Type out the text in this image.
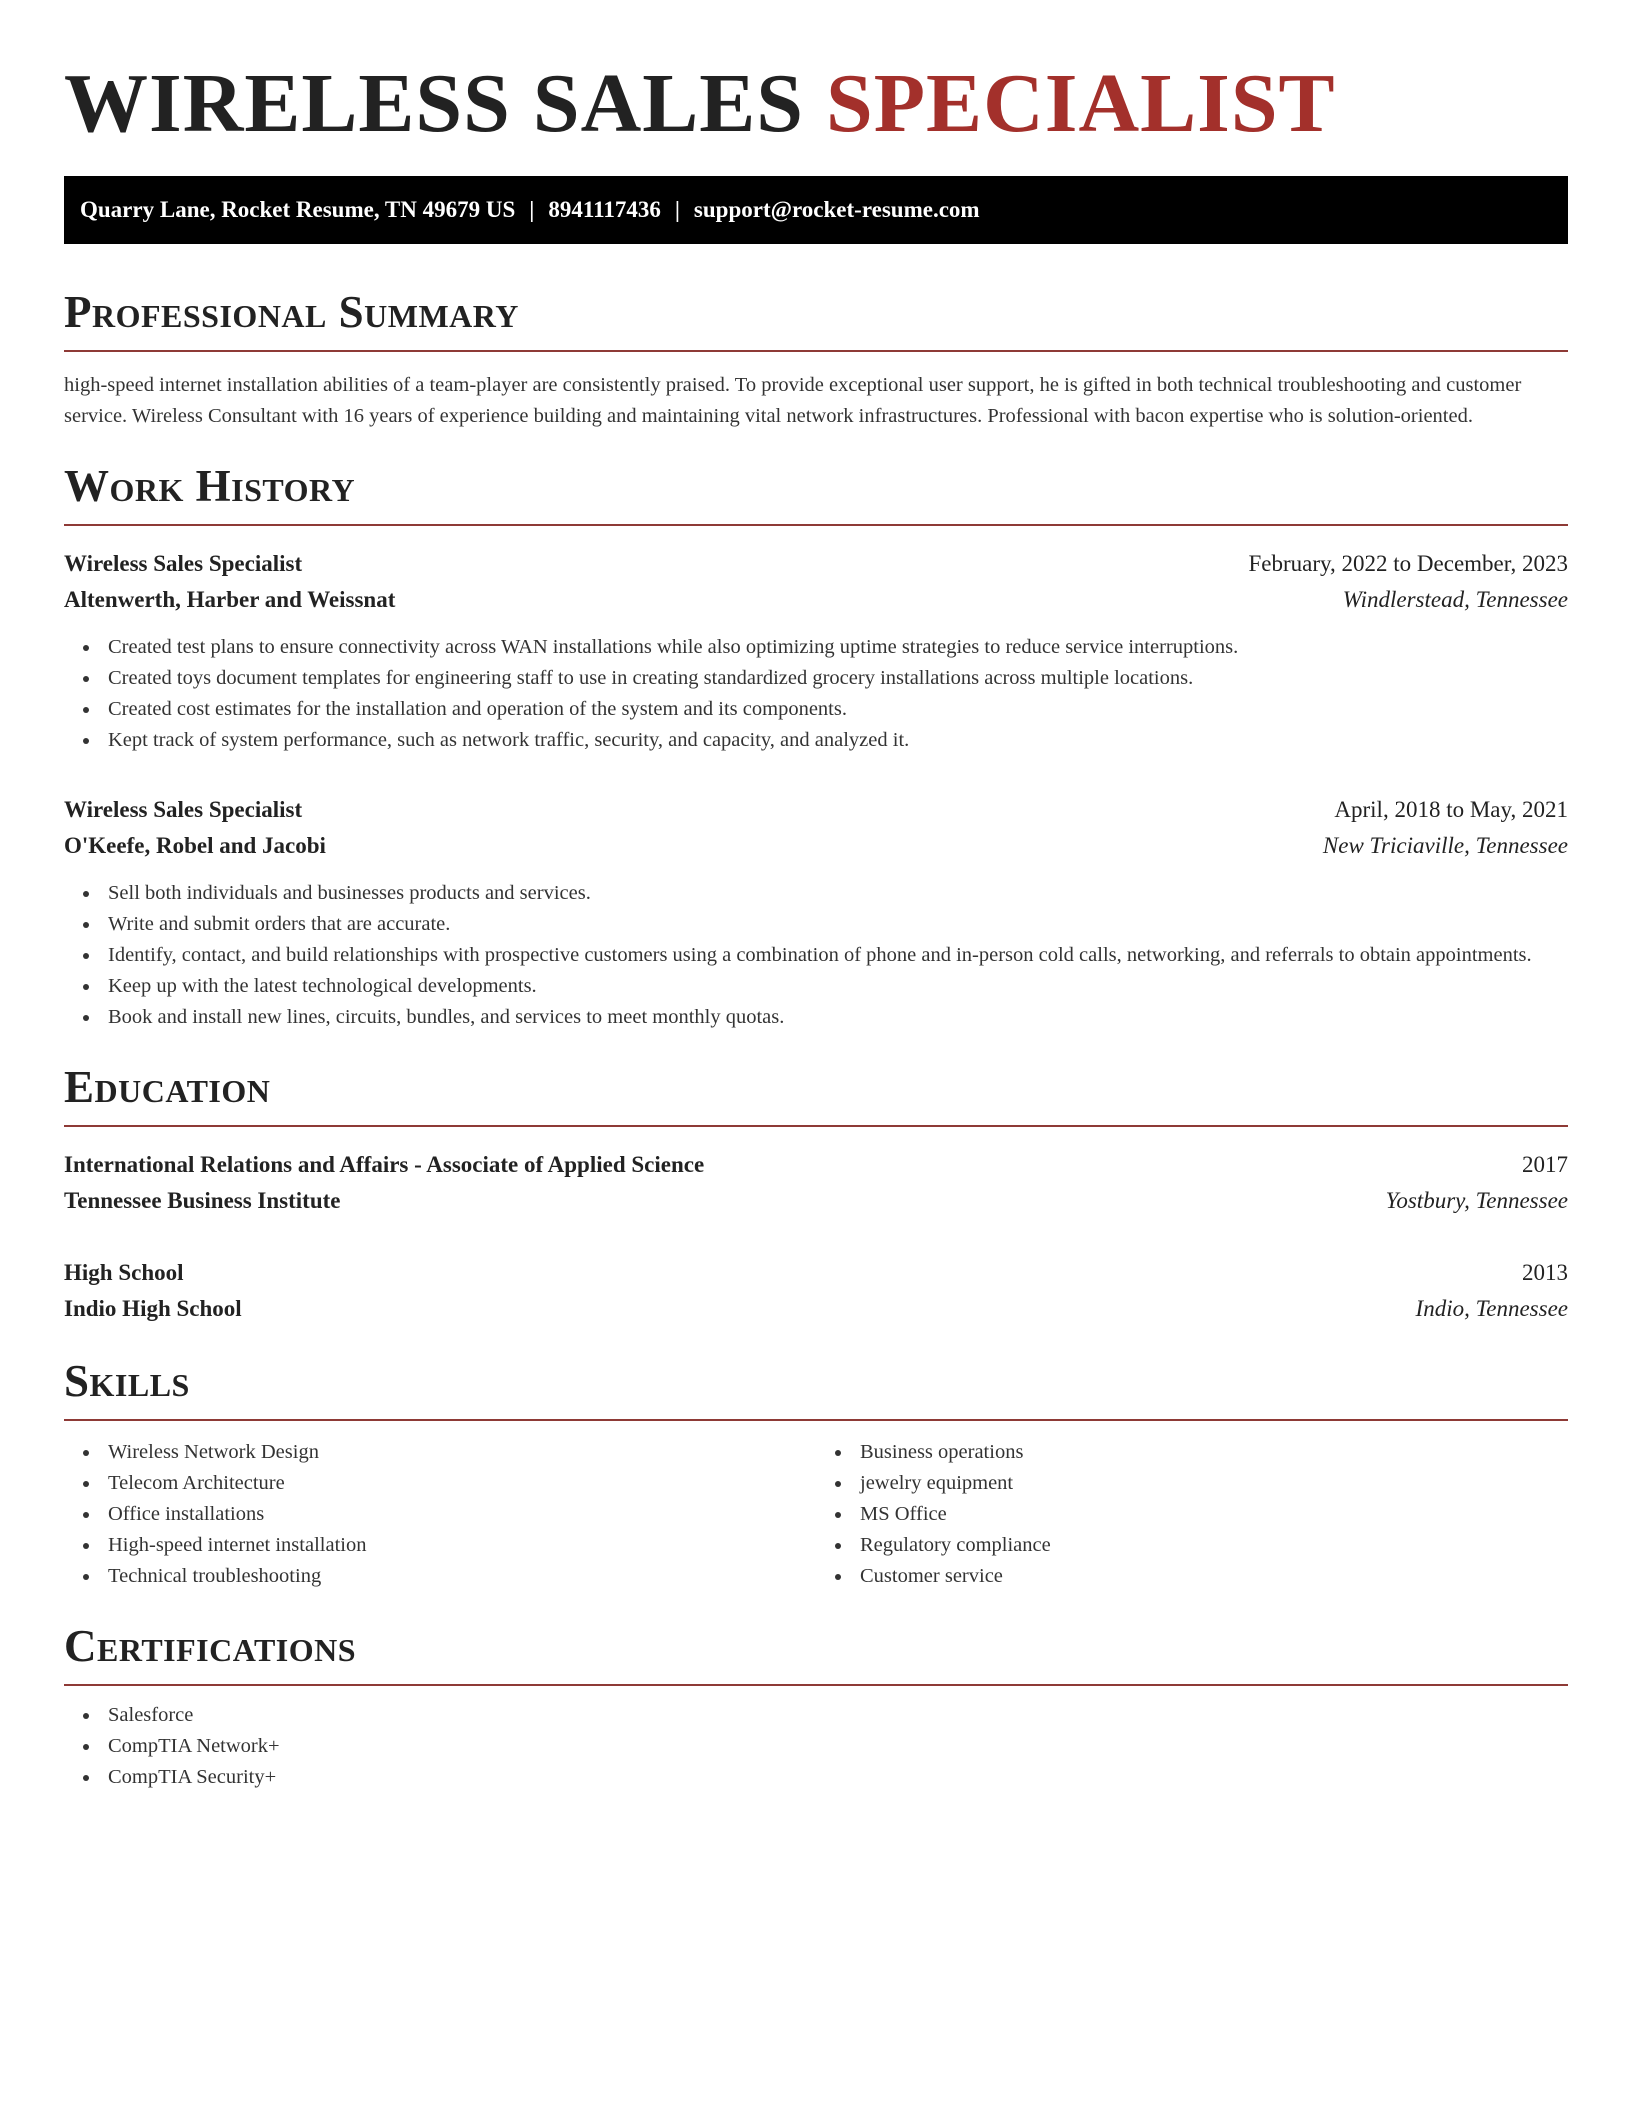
WIRELESS SALES SPECIALIST
Quarry Lane, Rocket Resume, TN 49679 US | 8941117436 | support@rocket-resume.com
Professional Summary

high-speed internet installation abilities of a team-player are consistently praised. To provide exceptional user support, he is gifted in both technical troubleshooting and customer service. Wireless Consultant with 16 years of experience building and maintaining vital network infrastructures. Professional with bacon expertise who is solution-oriented.

Work History
Wireless Sales Specialist	February, 2022 to December, 2023
Altenwerth, Harber and Weissnat	Windlerstead, Tennessee
Created test plans to ensure connectivity across WAN installations while also optimizing uptime strategies to reduce service interruptions.
Created toys document templates for engineering staff to use in creating standardized grocery installations across multiple locations.
Created cost estimates for the installation and operation of the system and its components.
Kept track of system performance, such as network traffic, security, and capacity, and analyzed it.
Wireless Sales Specialist	April, 2018 to May, 2021
O'Keefe, Robel and Jacobi	New Triciaville, Tennessee
Sell both individuals and businesses products and services.
Write and submit orders that are accurate.
Identify, contact, and build relationships with prospective customers using a combination of phone and in-person cold calls, networking, and referrals to obtain appointments.
Keep up with the latest technological developments.
Book and install new lines, circuits, bundles, and services to meet monthly quotas.
Education
International Relations and Affairs - Associate of Applied Science	2017
Tennessee Business Institute	Yostbury, Tennessee
High School	2013
Indio High School	Indio, Tennessee
Skills
Wireless Network Design
Telecom Architecture
Office installations
High-speed internet installation
Technical troubleshooting
Business operations
jewelry equipment
MS Office
Regulatory compliance
Customer service
Certifications
Salesforce
CompTIA Network+
CompTIA Security+
